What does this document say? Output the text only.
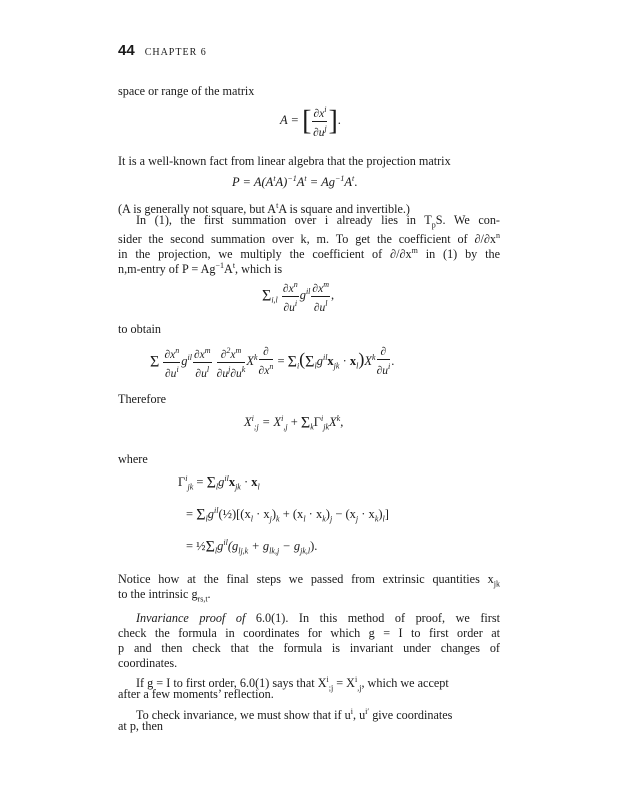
44 CHAPTER 6
space or range of the matrix
A = [ $\frac{\partial x^i}{\partial u^j}$ ].
It is a well-known fact from linear algebra that the projection matrix
$P = A(A^tA)^{-1}A^t = Ag^{-1}A^t$.
(A is generally not square, but $A^tA$ is square and invertible.)
In (1), the first summation over i already lies in $T_pS$. We con-
sider the second summation over k, m. To get the coefficient of $\partial/\partial x^n$
in the projection, we multiply the coefficient of $\partial/\partial x^m$ in (1) by the
n,m-entry of $P = Ag^{-1}A^t$, which is
$\Sigma_{i,l} \frac{\partial x^n}{\partial u^i} g^{il} \frac{\partial x^m}{\partial u^l}$ ,
to obtain
Σ $\frac{\partial x^n}{\partial u^i} g^{il} \frac{\partial x^m}{\partial u^l}$
$\frac{\partial^2x^m}{\partial u^j\partial u^k} X^k \frac{\partial}{\partial x^n} = \Sigma_i(\Sigma_lg^{il}x_{jk} \cdot x_l)X^k \frac{\partial}{\partial u^i}$ .
Therefore
$X^i_{;j} = X^i_{,j} + \Sigma_k\Gamma^i_{jk}X^k$,
where
$\Gamma^i_{jk} = \Sigma_lg^{il}x_{jk} \cdot x_l$
= $\Sigma_lg^{il}(\frac{1}{2})[(x_l \cdot x_j)_k + (x_l \cdot x_k)_j - (x_j \cdot x_k)_l]$
= $\frac{1}{2}\Sigma_lg^{il}(g_{lj,k} + g_{lk,j} - g_{jk,l})$.
Notice how at the final steps we passed from extrinsic quantities $x_{jk}$
to the intrinsic $g_{rs,t}$.
Invariance proof of 6.0(1). In this method of proof, we first
check the formula in coordinates for which g = I to first order at
p and then check that the formula is invariant under changes of
coordinates.
If g = I to first order, 6.0(1) says that $X^i_{;j} = X^i_{,j}$, which we accept
after a few moments’ reflection.
To check invariance, we must show that if $u^i$, $u^{i'}$ give coordinates
at p, then
